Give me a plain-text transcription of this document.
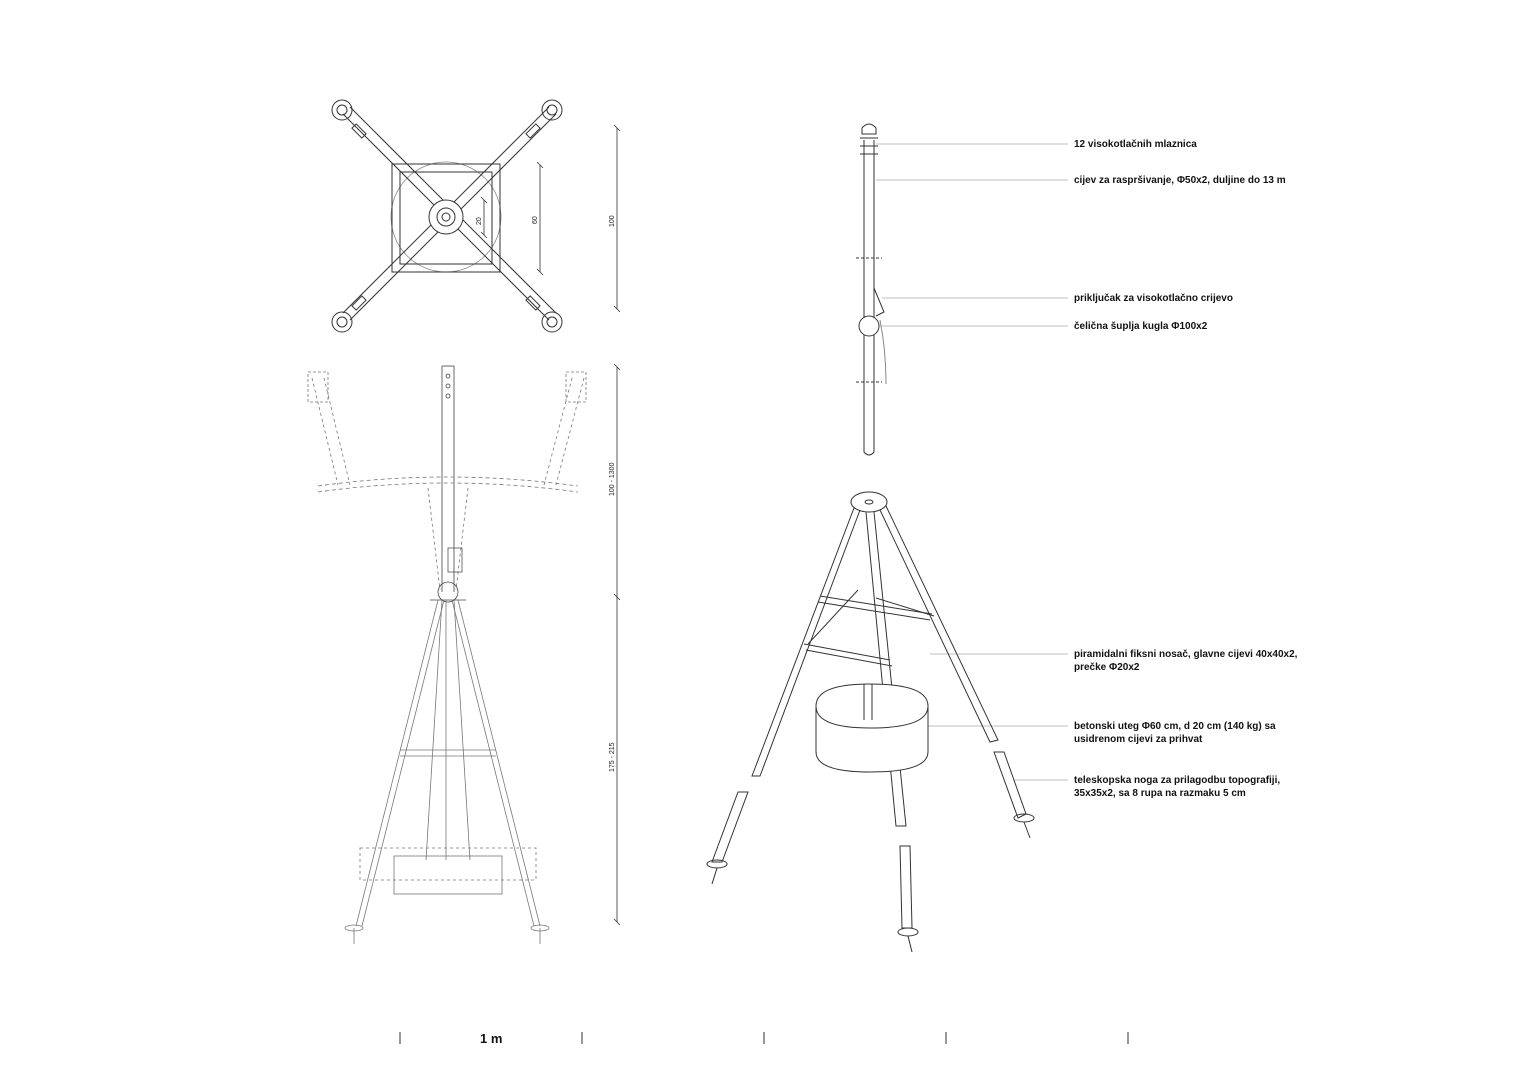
60
20	100
100 - 1300
175 - 215
12 visokotlačnih mlaznica
cijev za raspršivanje, Φ50x2, duljine do 13 m
priključak za visokotlačno crijevo
čelična šuplja kugla Φ100x2
piramidalni fiksni nosač, glavne cijevi 40x40x2,
prečke Φ20x2
betonski uteg Φ60 cm, d 20 cm (140 kg) sa
usidrenom cijevi za prihvat
teleskopska noga za prilagodbu topografiji,
35x35x2, sa 8 rupa na razmaku 5 cm
1 m
